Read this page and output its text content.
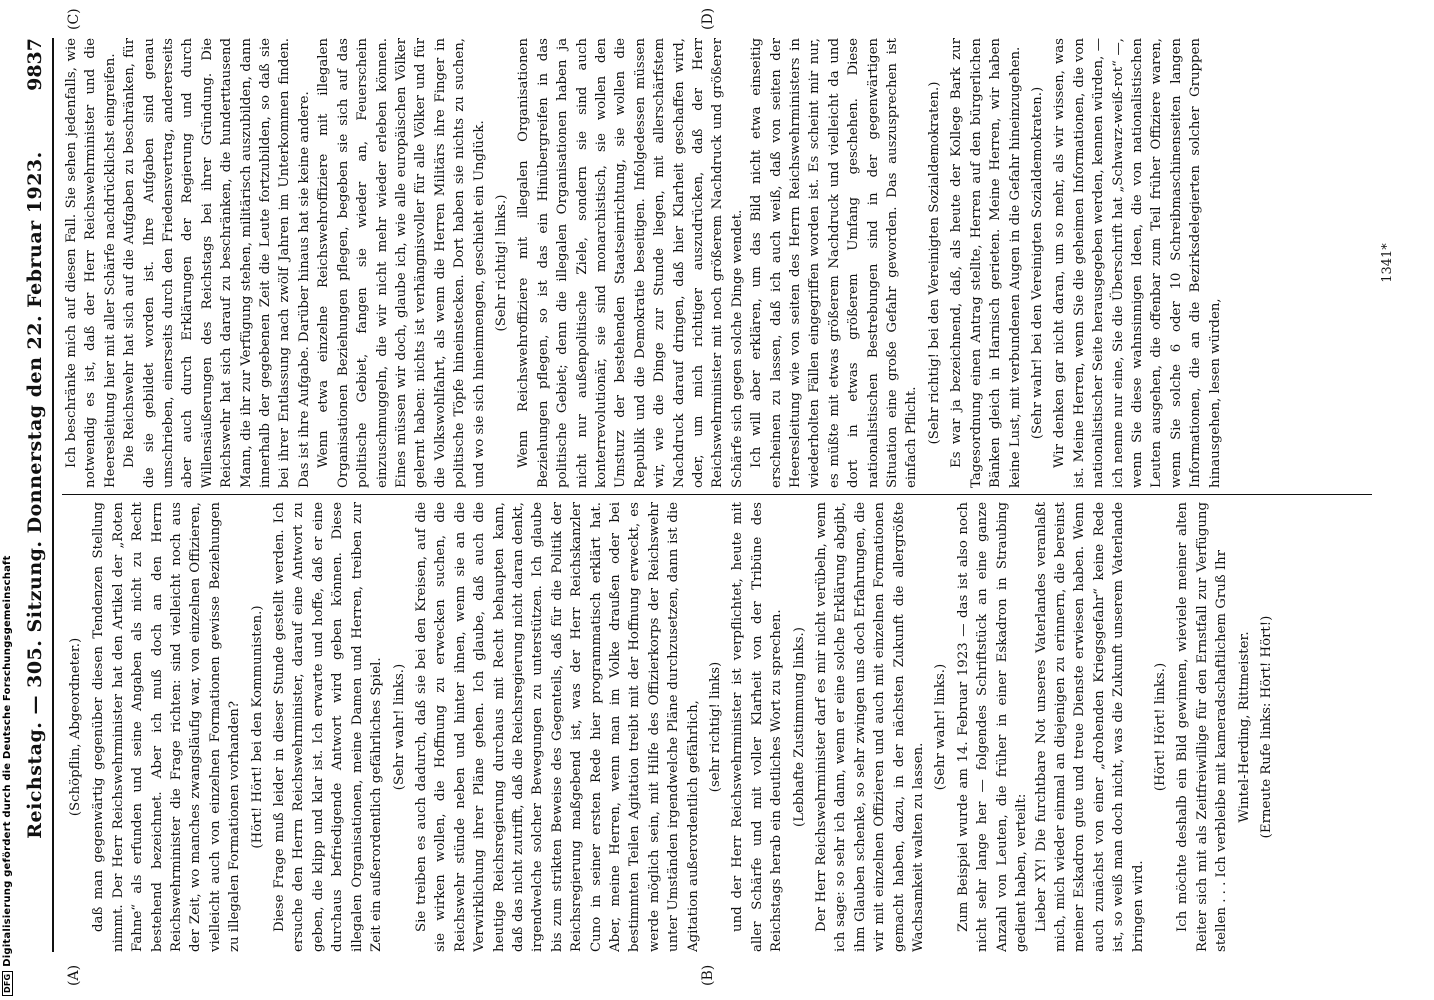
DFG
Digitalisierung gefördert durch die Deutsche Forschungsgemeinschaft Reichstag. — 305. Sitzung. Donnerstag den 22. Februar 1923.
9837
(A)	(B)
(C)	(D)

(Schöpflin, Abgeordneter.) daß man gegenwärtig gegenüber diesen Tendenzen Stellung nimmt. Der Herr Reichswehrminister hat den Artikel der „Roten Fahne“ als erfunden und seine Angaben als nicht zu Recht bestehend bezeichnet. Aber ich muß doch an den Herrn Reichswehrminister die Frage richten: sind vielleicht noch aus der Zeit, wo manches zwangsläufig war, von einzelnen Offizieren, vielleicht auch von einzelnen Formationen gewisse Beziehungen zu illegalen Formationen vorhanden? (Hört! Hört! bei den Kommunisten.) Diese Frage muß leider in dieser Stunde gestellt werden. Ich ersuche den Herrn Reichswehrminister, darauf eine Antwort zu geben, die klipp und klar ist. Ich erwarte und hoffe, daß er eine durchaus befriedigende Antwort wird geben können. Diese illegalen Organisationen, meine Damen und Herren, treiben zur Zeit ein außerordentlich gefährliches Spiel. (Sehr wahr! links.) Sie treiben es auch dadurch, daß sie bei den Kreisen, auf die sie wirken wollen, die Hoffnung zu erwecken suchen, die Reichswehr stünde neben und hinter ihnen, wenn sie an die Verwirklichung ihrer Pläne gehen. Ich glaube, daß auch die heutige Reichsregierung durchaus mit Recht behaupten kann, daß das nicht zutrifft, daß die Reichsregierung nicht daran denkt, irgendwelche solcher Bewegungen zu unterstützen. Ich glaube bis zum strikten Beweise des Gegenteils, daß für die Politik der Reichsregierung maßgebend ist, was der Herr Reichskanzler Cuno in seiner ersten Rede hier programmatisch erklärt hat. Aber, meine Herren, wenn man im Volke draußen oder bei bestimmten Teilen Agitation treibt mit der Hoffnung erweckt, es werde möglich sein, mit Hilfe des Offizierkorps der Reichswehr unter Umständen irgendwelche Pläne durchzusetzen, dann ist die Agitation außerordentlich gefährlich, (sehr richtig! links) und der Herr Reichswehrminister ist verpflichtet, heute mit aller Schärfe und mit voller Klarheit von der Tribüne des Reichstags herab ein deutliches Wort zu sprechen. (Lebhafte Zustimmung links.) Der Herr Reichswehrminister darf es mir nicht verübeln, wenn ich sage: so sehr ich dann, wenn er eine solche Erklärung abgibt, ihm Glauben schenke, so sehr zwingen uns doch Erfahrungen, die wir mit einzelnen Offizieren und auch mit einzelnen Formationen gemacht haben, dazu, in der nächsten Zukunft die allergrößte Wachsamkeit walten zu lassen.

(Sehr wahr! links.) Zum Beispiel wurde am 14. Februar 1923 — das ist also noch nicht sehr lange her — folgendes Schriftstück an eine ganze Anzahl von Leuten, die früher in einer Eskadron in Straubing gedient haben, verteilt: Lieber XY! Die furchtbare Not unseres Vaterlandes veranlaßt mich, mich wieder einmal an diejenigen zu erinnern, die bereinst meiner Eskadron gute und treue Dienste erwiesen haben. Wenn auch zunächst von einer „drohenden Kriegsgefahr“ keine Rede ist, so weiß man doch nicht, was die Zukunft unserem Vaterlande bringen wird.

(Hört! Hört! links.) Ich möchte deshalb ein Bild gewinnen, wieviele meiner alten Reiter sich mit als Zeitfreiwillige für den Ernstfall zur Verfügung stellen . . . Ich verbleibe mit kameradschaftlichem Gruß Ihr Wintel-Herding, Rittmeister. (Erneute Rufe links: Hört! Hört!)

Ich beschränke mich auf diesen Fall. Sie sehen jedenfalls, wie notwendig es ist, daß der Herr Reichswehrminister und die Heeresleitung hier mit aller Schärfe nachdrücklichst eingreifen. Die Reichswehr hat sich auf die Aufgaben zu beschränken, für die sie gebildet worden ist. Ihre Aufgaben sind genau umschrieben, einerseits durch den Friedensvertrag, andererseits aber auch durch Erklärungen der Regierung und durch Willensäußerungen des Reichstags bei ihrer Gründung. Die Reichswehr hat sich darauf zu beschränken, die hunderttausend Mann, die ihr zur Verfügung stehen, militärisch auszubilden, dann innerhalb der gegebenen Zeit die Leute fortzubilden, so daß sie bei ihrer Entlassung nach zwölf Jahren im Unterkommen finden. Das ist ihre Aufgabe. Darüber hinaus hat sie keine andere. Wenn etwa einzelne Reichswehroffiziere mit illegalen Organisationen Beziehungen pflegen, begeben sie sich auf das politische Gebiet, fangen sie wieder an, Feuerschein einzuschmuggeln, die wir nicht mehr wieder erleben können. Eines müssen wir doch, glaube ich, wie alle europäischen Völker gelernt haben: nichts ist verhängnisvoller für alle Völker und für die Volkswohlfahrt, als wenn die Herren Militärs ihre Finger in politische Töpfe hineinstecken. Dort haben sie nichts zu suchen, und wo sie sich hineinmengen, geschieht ein Unglück. (Sehr richtig! links.) Wenn Reichswehroffiziere mit illegalen Organisationen Beziehungen pflegen, so ist das ein Hinübergreifen in das politische Gebiet; denn die illegalen Organisationen haben ja nicht nur außenpolitische Ziele, sondern sie sind auch konterrevolutionär, sie sind monarchistisch, sie wollen den Umsturz der bestehenden Staatseinrichtung, sie wollen die Republik und die Demokratie beseitigen. Infolgedessen müssen wir, wie die Dinge zur Stunde liegen, mit allerschärfstem Nachdruck darauf dringen, daß hier Klarheit geschaffen wird, oder, um mich richtiger auszudrücken, daß der Herr Reichswehrminister mit noch größerem Nachdruck und größerer Schärfe sich gegen solche Dinge wendet. Ich will aber erklären, um das Bild nicht etwa einseitig erscheinen zu lassen, daß ich auch weiß, daß von seiten der Heeresleitung wie von seiten des Herrn Reichswehrministers in wiederholten Fällen eingegriffen worden ist. Es scheint mir nur, es müßte mit etwas größerem Nachdruck und vielleicht da und dort in etwas größerem Umfang geschehen. Diese nationalistischen Bestrebungen sind in der gegenwärtigen Situation eine große Gefahr geworden. Das auszusprechen ist einfach Pflicht. (Sehr richtig! bei den Vereinigten Sozialdemokraten.) Es war ja bezeichnend, daß, als heute der Kollege Bark zur Tagesordnung einen Antrag stellte, Herren auf den bürgerlichen Bänken gleich in Harnisch gerieten. Meine Herren, wir haben keine Lust, mit verbundenen Augen in die Gefahr hineinzugehen. (Sehr wahr! bei den Vereinigten Sozialdemokraten.) Wir denken gar nicht daran, um so mehr, als wir wissen, was ist. Meine Herren, wenn Sie die geheimen Informationen, die von nationalistischer Seite herausgegeben werden, kennen würden, — ich nenne nur eine, Sie die Überschrift hat „Schwarz-weiß-rot“ —, wenn Sie diese wahnsinnigen Ideen, die von nationalistischen Leuten ausgehen, die offenbar zum Teil früher Offiziere waren, wenn Sie solche 6 oder 10 Schreibmaschinenseiten langen Informationen, die an die Bezirksdelegierten solcher Gruppen hinausgehen, lesen würden,

1341*
